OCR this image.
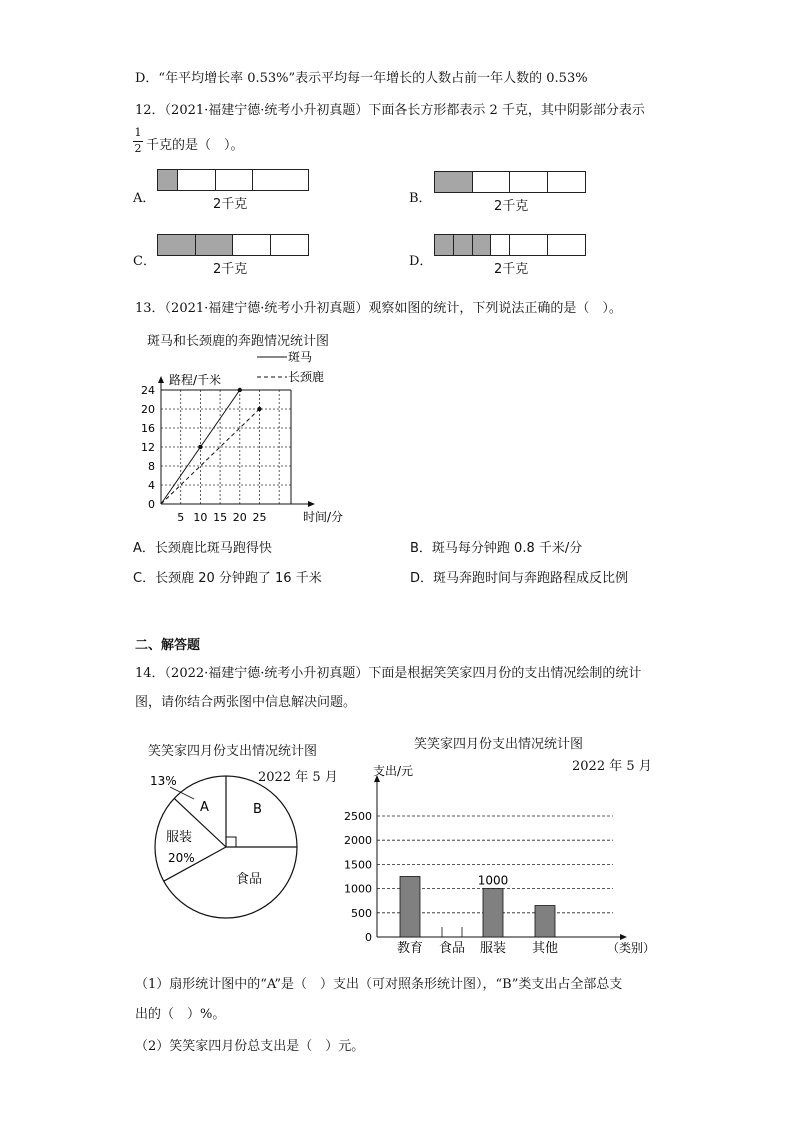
D．“年平均增长率 0.53%”表示平均每一年增长的人数占前一年人数的 0.53%
12．（2021·福建宁德·统考小升初真题）下面各长方形都表示 2 千克，其中阴影部分表示
1
2 千克的是（　）。
A．	2千克	B．
2千克
C．
2千克
D．
2千克
13．（2021·福建宁德·统考小升初真题）观察如图的统计，下列说法正确的是（　）。
斑马和长颈鹿的奔跑情况统计图
0
4
8
12
16
20
24
5 10 15 20 25	时间/分
路程/千米
斑马
长颈鹿
A．长颈鹿比斑马跑得快	B．斑马每分钟跑 0.8 千米/分
C．长颈鹿 20 分钟跑了 16 千米	D．斑马奔跑时间与奔跑路程成反比例
二、解答题
14．（2022·福建宁德·统考小升初真题）下面是根据笑笑家四月份的支出情况绘制的统计
图，请你结合两张图中信息解决问题。
笑笑家四月份支出情况统计图
2022 年 5 月
B
食品
服装
20%
A
13%
笑笑家四月份支出情况统计图
2022 年 5 月
支出/元
0
500
1000
1500
2000
2500
教育 食品 服装
1000
其他	（类别）
（1）扇形统计图中的“A”是（　）支出（可对照条形统计图），“B”类支出占全部总支
出的（　）%。
（2）笑笑家四月份总支出是（　）元。
